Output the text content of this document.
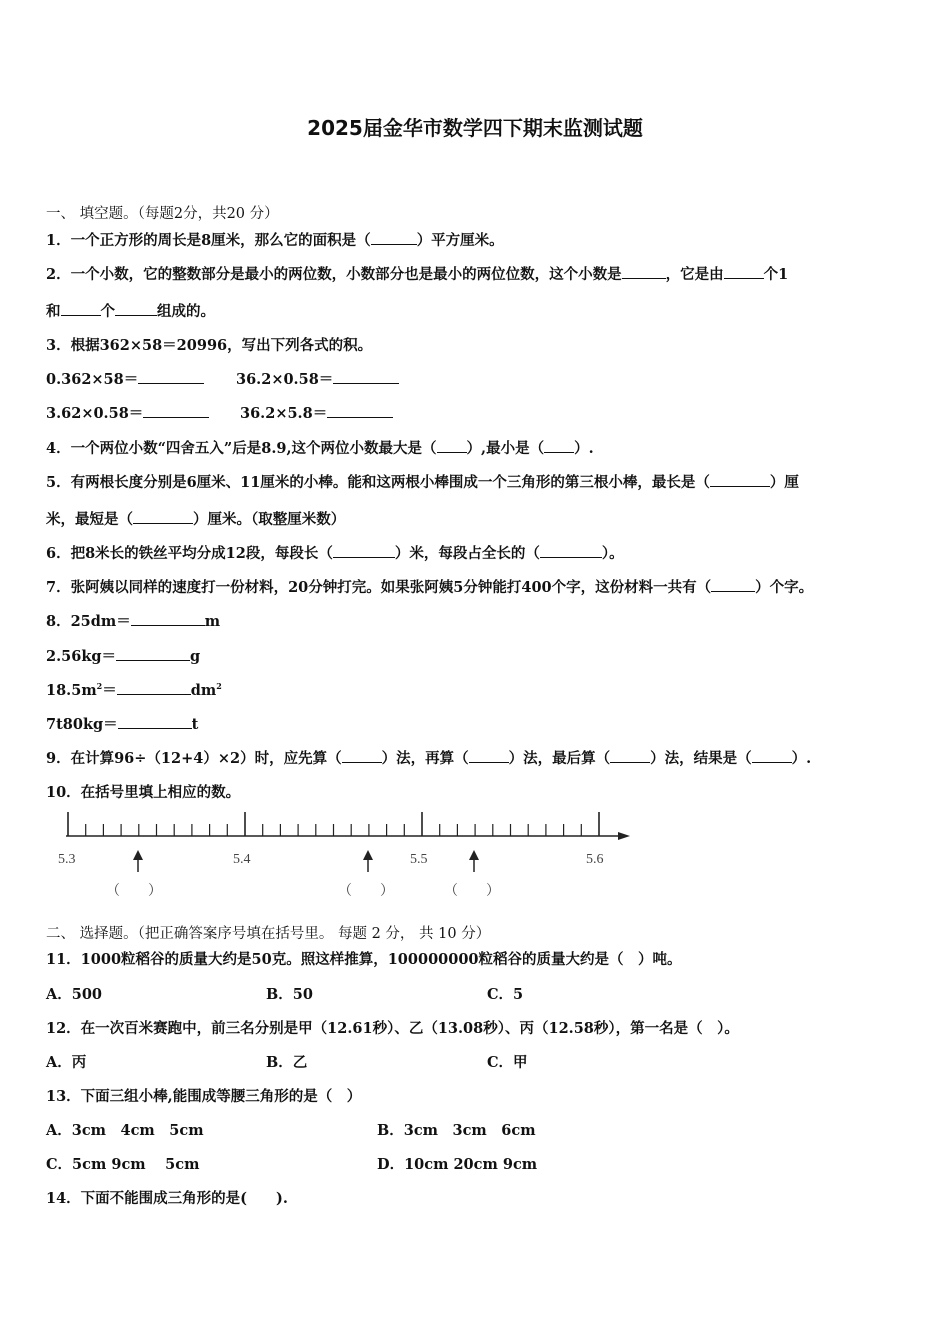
2025届金华市数学四下期末监测试题
一、 填空题。（每题2分，共20 分）
1．一个正方形的周长是8厘米，那么它的面积是（	）平方厘米。
2．一个小数，它的整数部分是最小的两位数，小数部分也是最小的两位位数，这个小数是	，它是由	个1
和	个	组成的。
3．根据362×58＝20996，写出下列各式的积。
0.362×58＝	36.2×0.58＝
3.62×0.58＝	36.2×5.8＝
4．一个两位小数“四舍五入”后是8.9,这个两位小数最大是（ ）,最小是（ ）.
5．有两根长度分别是6厘米、11厘米的小棒。能和这两根小棒围成一个三角形的第三根小棒，最长是（	）厘
米，最短是（	）厘米。（取整厘米数）
6．把8米长的铁丝平均分成12段，每段长（	）米，每段占全长的（	）。
7．张阿姨以同样的速度打一份材料，20分钟打完。如果张阿姨5分钟能打400个字，这份材料一共有（	）个字。
8．25dm＝	m
2.56kg＝	g
$18.5m^2=$	$dm^2$
7t80kg＝	t
9．在计算96÷（12+4）×2）时，应先算（	）法，再算（	）法，最后算（	）法，结果是（	）.
10．在括号里填上相应的数。
5.3	5.4	5.5	5.6
（　　）	（　　）	（　　）
二、 选择题。（把正确答案序号填在括号里。 每题 2 分， 共 10 分）
11．1000粒稻谷的质量大约是50克。照这样推算，100000000粒稻谷的质量大约是（　）吨。
A．500	B．50	C．5
12．在一次百米赛跑中，前三名分别是甲（12.61秒）、乙（13.08秒）、丙（12.58秒），第一名是（　）。
A．丙	B．乙	C．甲
13．下面三组小棒,能围成等腰三角形的是（　）
A．3cm　4cm　5cm	B．3cm　3cm　6cm
C．5cm 9cm　 5cm	D．10cm 20cm 9cm
14．下面不能围成三角形的是(　　).
